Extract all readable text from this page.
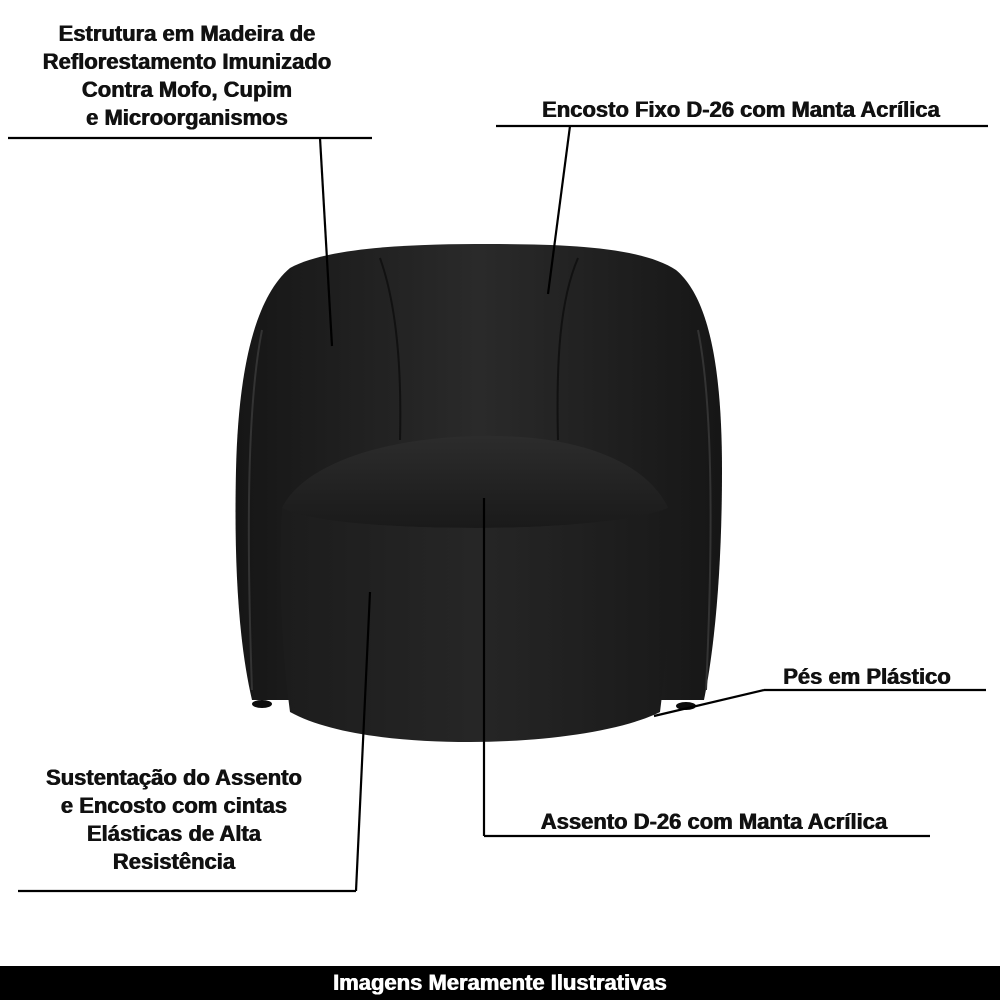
Estrutura em Madeira de
Reflorestamento Imunizado
Contra Mofo, Cupim
e Microorganismos	Encosto Fixo D-26 com Manta Acrílica
Pés em Plástico
Sustentação do Assento
e Encosto com cintas
Elásticas de Alta
Resistência
Assento D-26 com Manta Acrílica
Imagens Meramente Ilustrativas
